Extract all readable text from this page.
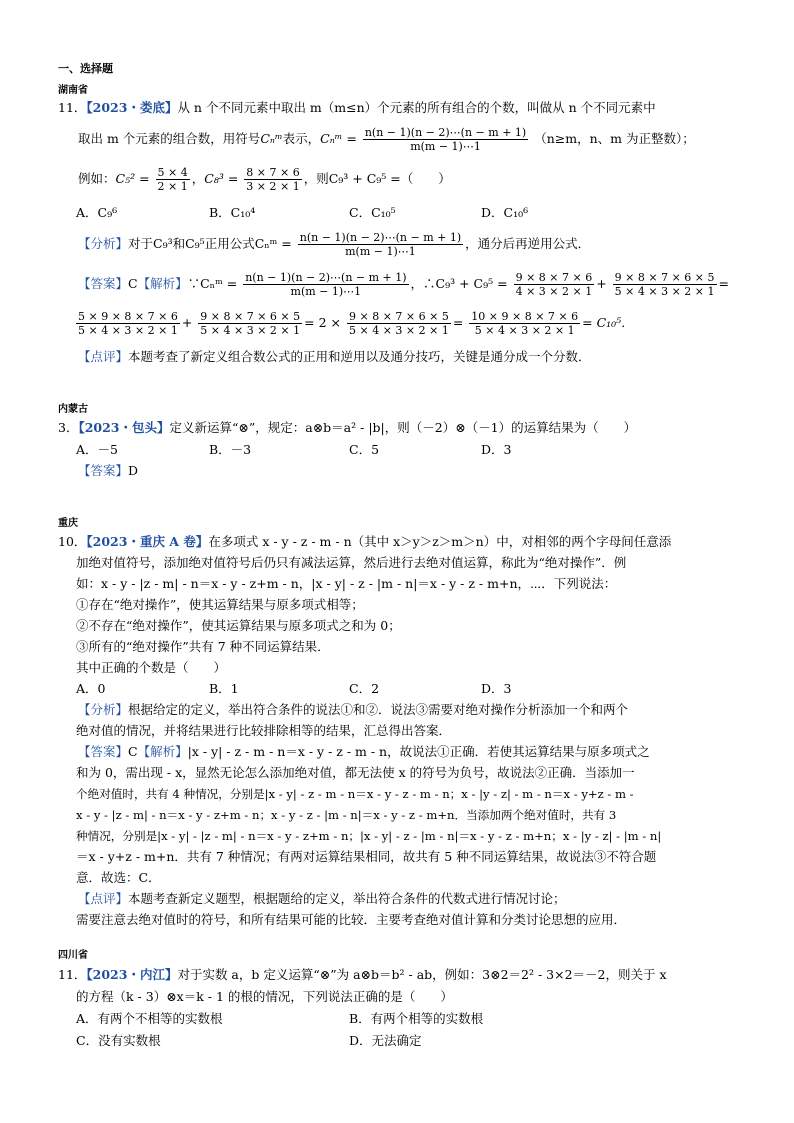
一、选择题
湖南省
11．【2023・娄底】从 n 个不同元素中取出 m（m≤n）个元素的所有组合的个数，叫做从 n 个不同元素中
取出 m 个元素的组合数，用符号Cₙᵐ表示，Cₙᵐ = $\frac{n(n - 1)(n - 2)\cdots(n - m + 1)}{m(m - 1)\cdots 1} (n\ge m$，n、m 为正整数）；
例如：$C_5^2 = \frac{5 \times 4}{2 \times 1}$ ，$C_8^3 = \frac{8 \times 7 \times 6}{3 \times 2 \times 1}$ ，则C₉³ + C₉⁵ =（　　）
A．C₉⁶	B．C₁₀⁴	C．C₁₀⁵	D．C₁₀⁶
【分析】对于C₉³和C₉⁵正用公式Cₙᵐ = $\frac{n(n - 1)(n - 2)\cdots(n - m + 1)}{m(m - 1)\cdots 1}$ ，通分后再逆用公式．
【答案】C【解析】∵Cₙᵐ = $\frac{n(n - 1)(n - 2)\cdots(n - m + 1)}{m(m - 1)\cdots 1}$ ，∴C₉³ + $C_9^5 = \frac{9 \times 8 \times 7 \times 6}{4 \times 3 \times 2 \times 1} + \frac{9 \times 8 \times 7 \times 6 \times 5}{5 \times 4 \times 3 \times 2 \times 1}$ =
$\frac{5 \times 9 \times 8 \times 7 \times 6}{5 \times 4 \times 3 \times 2 \times 1} + \frac{9 \times 8 \times 7 \times 6 \times 5}{5 \times 4 \times 3 \times 2 \times 1} = 2 \times \frac{9 \times 8 \times 7 \times 6 \times 5}{5 \times 4 \times 3 \times 2 \times 1} = \frac{10 \times 9 \times 8 \times 7 \times 6}{5 \times 4 \times 3 \times 2 \times 1} = C_{10}^5$．
【点评】本题考查了新定义组合数公式的正用和逆用以及通分技巧，关键是通分成一个分数．
内蒙古
3．【2023・包头】定义新运算“⊗”，规定：a⊗b＝a² - |b|，则（－2）⊗（－1）的运算结果为（　　）
A．－5	B．－3	C．5	D．3
【答案】D
重庆
10．【2023・重庆 A 卷】在多项式 x - y - z - m - n（其中 x＞y＞z＞m＞n）中，对相邻的两个字母间任意添
加绝对值符号，添加绝对值符号后仍只有减法运算，然后进行去绝对值运算，称此为“绝对操作”．例
如：x - y - |z - m| - n＝x - y - z+m - n，|x - y| - z - |m - n|＝x - y - z - m+n，⋯．下列说法：
①存在“绝对操作”，使其运算结果与原多项式相等；
②不存在“绝对操作”，使其运算结果与原多项式之和为 0；
③所有的“绝对操作”共有 7 种不同运算结果．
其中正确的个数是（　　）
A．0	B．1	C．2	D．3
【分析】根据给定的定义，举出符合条件的说法①和②．说法③需要对绝对操作分析添加一个和两个
绝对值的情况，并将结果进行比较排除相等的结果，汇总得出答案．
【答案】C【解析】|x - y| - z - m - n＝x - y - z - m - n，故说法①正确．若使其运算结果与原多项式之
和为 0，需出现 - x，显然无论怎么添加绝对值，都无法使 x 的符号为负号，故说法②正确．当添加一
个绝对值时，共有 4 种情况，分别是|x - y| - z - m - n＝x - y - z - m - n；x - |y - z| - m - n＝x - y+z - m -
x - y - |z - m| - n＝x - y - z+m - n；x - y - z - |m - n|＝x - y - z - m+n．当添加两个绝对值时，共有 3
种情况，分别是|x - y| - |z - m| - n＝x - y - z+m - n；|x - y| - z - |m - n|＝x - y - z - m+n；x - |y - z| - |m - n|
＝x - y+z - m+n．共有 7 种情况；有两对运算结果相同，故共有 5 种不同运算结果，故说法③不符合题
意．故选：C．
【点评】本题考查新定义题型，根据题给的定义，举出符合条件的代数式进行情况讨论；
需要注意去绝对值时的符号，和所有结果可能的比较．主要考查绝对值计算和分类讨论思想的应用．
四川省
11．【2023・内江】对于实数 a，b 定义运算“⊗”为 a⊗b＝b² - ab，例如：3⊗2＝2² - 3×2＝－2，则关于 x
的方程（k - 3）⊗x＝k - 1 的根的情况，下列说法正确的是（　　）
A．有两个不相等的实数根	B．有两个相等的实数根
C．没有实数根	D．无法确定
